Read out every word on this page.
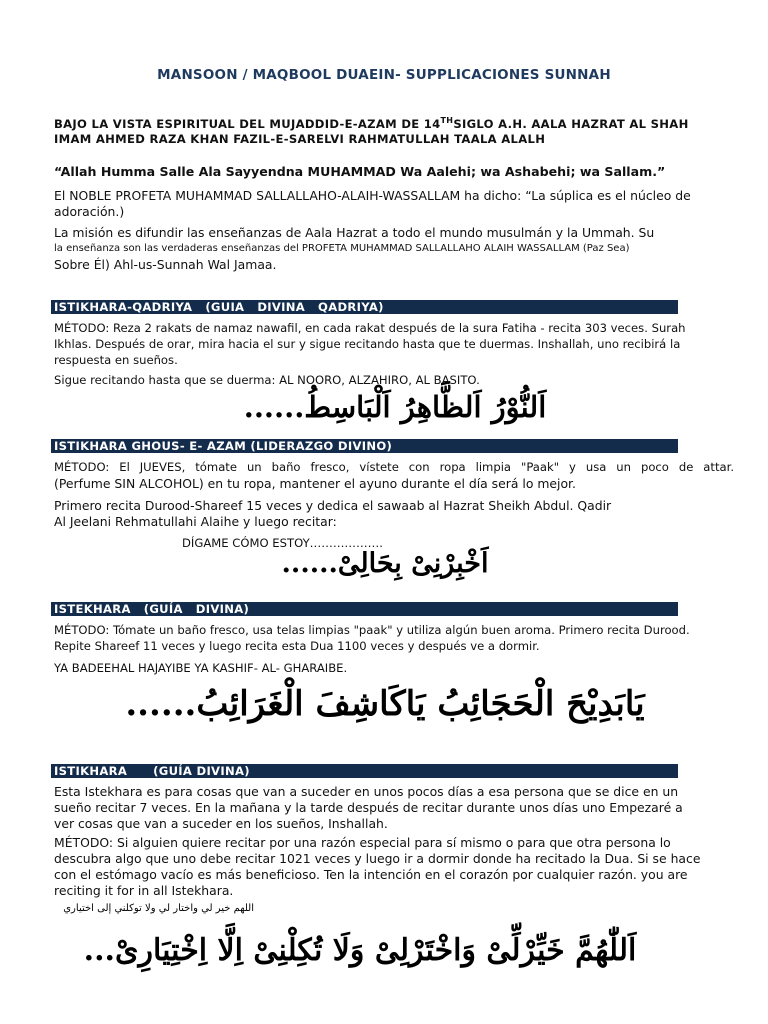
MANSOON / MAQBOOL DUAEIN- SUPPLICACIONES SUNNAH
BAJO LA VISTA ESPIRITUAL DEL MUJADDID-E-AZAM DE 14THSIGLO A.H. AALA HAZRAT AL SHAH IMAM AHMED RAZA KHAN FAZIL-E-SARELVI RAHMATULLAH TAALA ALALH
“Allah Humma Salle Ala Sayyendna MUHAMMAD Wa Aalehi; wa Ashabehi; wa Sallam.”
El NOBLE PROFETA MUHAMMAD SALLALLAHO-ALAIH-WASSALLAM ha dicho: “La súplica es el núcleo de adoración.)
La misión es difundir las enseñanzas de Aala Hazrat a todo el mundo musulmán y la Ummah. Su
la enseñanza son las verdaderas enseñanzas del PROFETA MUHAMMAD SALLALLAHO ALAIH WASSALLAM (Paz Sea)
Sobre Él) Ahl-us-Sunnah Wal Jamaa.
ISTIKHARA-QADRIYA   (GUIA   DIVINA   QADRIYA)
MÉTODO: Reza 2 rakats de namaz nawafil, en cada rakat después de la sura Fatiha - recita 303 veces. Surah Ikhlas. Después de orar, mira hacia el sur y sigue recitando hasta que te duermas. Inshallah, uno recibirá la respuesta en sueños.
Sigue recitando hasta que se duerma: AL NOORO, ALZAHIRO, AL BASITO.
اَلنُّوْرُ اَلظَّاهِرُ اَلْبَاسِطُ......
ISTIKHARA GHOUS- E- AZAM (LIDERAZGO DIVINO)
MÉTODO: El JUEVES, tómate un baño fresco, vístete con ropa limpia "Paak" y usa un poco de attar.
(Perfume SIN ALCOHOL) en tu ropa, mantener el ayuno durante el día será lo mejor.
Primero recita Durood-Shareef 15 veces y dedica el sawaab al Hazrat Sheikh Abdul. Qadir Al Jeelani Rehmatullahi Alaihe y luego recitar:
DÍGAME CÓMO ESTOY……………….
اَخْبِرْنِىْ بِحَالِىْ......
ISTEKHARA   (GUÍA   DIVINA)
MÉTODO: Tómate un baño fresco, usa telas limpias "paak" y utiliza algún buen aroma. Primero recita Durood. Repite Shareef 11 veces y luego recita esta Dua 1100 veces y después ve a dormir.
YA BADEEHAL HAJAYIBE YA KASHIF- AL- GHARAIBE.
يَابَدِيْحَ الْحَجَائِبُ يَاكَاشِفَ الْغَرَائِبُ......
ISTIKHARA      (GUÍA DIVINA)
Esta Istekhara es para cosas que van a suceder en unos pocos días a esa persona que se dice en un sueño recitar 7 veces. En la mañana y la tarde después de recitar durante unos días uno Empezaré a ver cosas que van a suceder en los sueños, Inshallah.
MÉTODO: Si alguien quiere recitar por una razón especial para sí mismo o para que otra persona lo descubra algo que uno debe recitar 1021 veces y luego ir a dormir donde ha recitado la Dua. Si se hace con el estómago vacío es más beneficioso. Ten la intención en el corazón por cualquier razón. you are reciting it for in all Istekhara.
اللهم خير لي واختار لي ولا توكلني إلى اختياري
اَللّٰهُمَّ خَيِّرْلِّىْ وَاخْتَرْلِىْ وَلَا تُكِلْنِىْ اِلَّا اِخْتِيَارِىْ...
